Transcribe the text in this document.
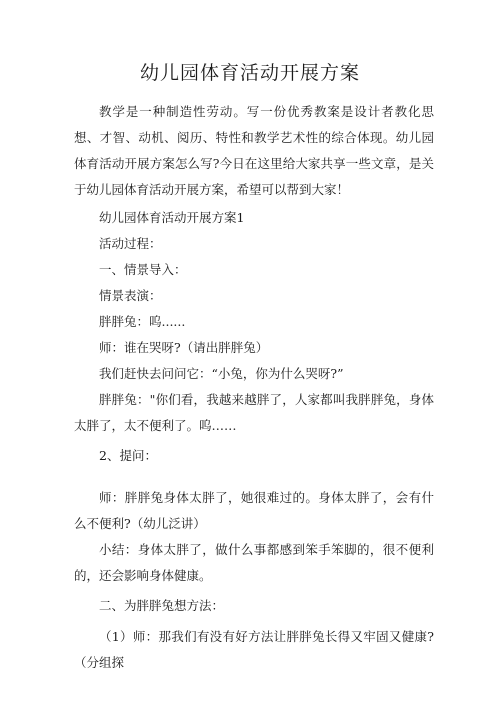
幼儿园体育活动开展方案

教学是一种制造性劳动。写一份优秀教案是设计者教化思想、才智、动机、阅历、特性和教学艺术性的综合体现。幼儿园体育活动开展方案怎么写?今日在这里给大家共享一些文章，是关于幼儿园体育活动开展方案，希望可以帮到大家！

幼儿园体育活动开展方案1

活动过程：

一、情景导入：

情景表演：

胖胖兔：呜......

师：谁在哭呀?（请出胖胖兔）

我们赶快去问问它：“小兔，你为什么哭呀?”

胖胖兔："你们看，我越来越胖了，人家都叫我胖胖兔，身体太胖了，太不便利了。呜……

2、提问：

师：胖胖兔身体太胖了，她很难过的。身体太胖了，会有什么不便利?（幼儿泛讲）

小结：身体太胖了，做什么事都感到笨手笨脚的，很不便利的，还会影响身体健康。

二、为胖胖兔想方法：

（1）师：那我们有没有好方法让胖胖兔长得又牢固又健康?（分组探
